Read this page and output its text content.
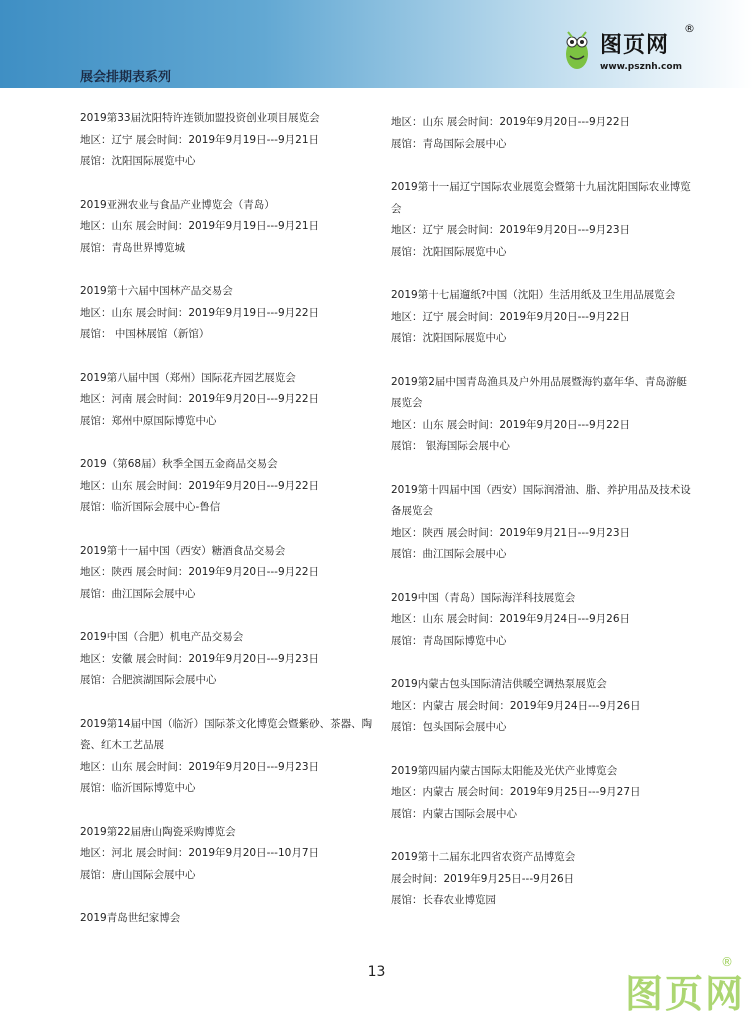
展会排期表系列
图页网
®
www.psznh.com

2019第33届沈阳特许连锁加盟投资创业项目展览会

地区：辽宁 展会时间：2019年9月19日---9月21日

展馆：沈阳国际展览中心

2019亚洲农业与食品产业博览会（青岛）

地区：山东 展会时间：2019年9月19日---9月21日

展馆：青岛世界博览城

2019第十六届中国林产品交易会

地区：山东 展会时间：2019年9月19日---9月22日

展馆： 中国林展馆（新馆）

2019第八届中国（郑州）国际花卉园艺展览会

地区：河南 展会时间：2019年9月20日---9月22日

展馆：郑州中原国际博览中心

2019（第68届）秋季全国五金商品交易会

地区：山东 展会时间：2019年9月20日---9月22日

展馆：临沂国际会展中心-鲁信

2019第十一届中国（西安）糖酒食品交易会

地区：陕西 展会时间：2019年9月20日---9月22日

展馆：曲江国际会展中心

2019中国（合肥）机电产品交易会

地区：安徽 展会时间：2019年9月20日---9月23日

展馆：合肥滨湖国际会展中心

2019第14届中国（临沂）国际茶文化博览会暨紫砂、茶器、陶瓷、红木工艺品展

地区：山东 展会时间：2019年9月20日---9月23日

展馆：临沂国际博览中心

2019第22届唐山陶瓷采购博览会

地区：河北 展会时间：2019年9月20日---10月7日

展馆：唐山国际会展中心

2019青岛世纪家博会

地区：山东 展会时间：2019年9月20日---9月22日

展馆：青岛国际会展中心

2019第十一届辽宁国际农业展览会暨第十九届沈阳国际农业博览会

地区：辽宁 展会时间：2019年9月20日---9月23日

展馆：沈阳国际展览中心

2019第十七届遛纸?中国（沈阳）生活用纸及卫生用品展览会

地区：辽宁 展会时间：2019年9月20日---9月22日

展馆：沈阳国际展览中心

2019第2届中国青岛渔具及户外用品展暨海钓嘉年华、青岛游艇展览会

地区：山东 展会时间：2019年9月20日---9月22日

展馆： 银海国际会展中心

2019第十四届中国（西安）国际润滑油、脂、养护用品及技术设备展览会

地区：陕西 展会时间：2019年9月21日---9月23日

展馆：曲江国际会展中心

2019中国（青岛）国际海洋科技展览会

地区：山东 展会时间：2019年9月24日---9月26日

展馆：青岛国际博览中心

2019内蒙古包头国际清洁供暖空调热泵展览会

地区：内蒙古 展会时间：2019年9月24日---9月26日

展馆：包头国际会展中心

2019第四届内蒙古国际太阳能及光伏产业博览会

地区：内蒙古 展会时间：2019年9月25日---9月27日

展馆：内蒙古国际会展中心

2019第十二届东北四省农资产品博览会

展会时间：2019年9月25日---9月26日

展馆：长春农业博览园

13	图页网
®
